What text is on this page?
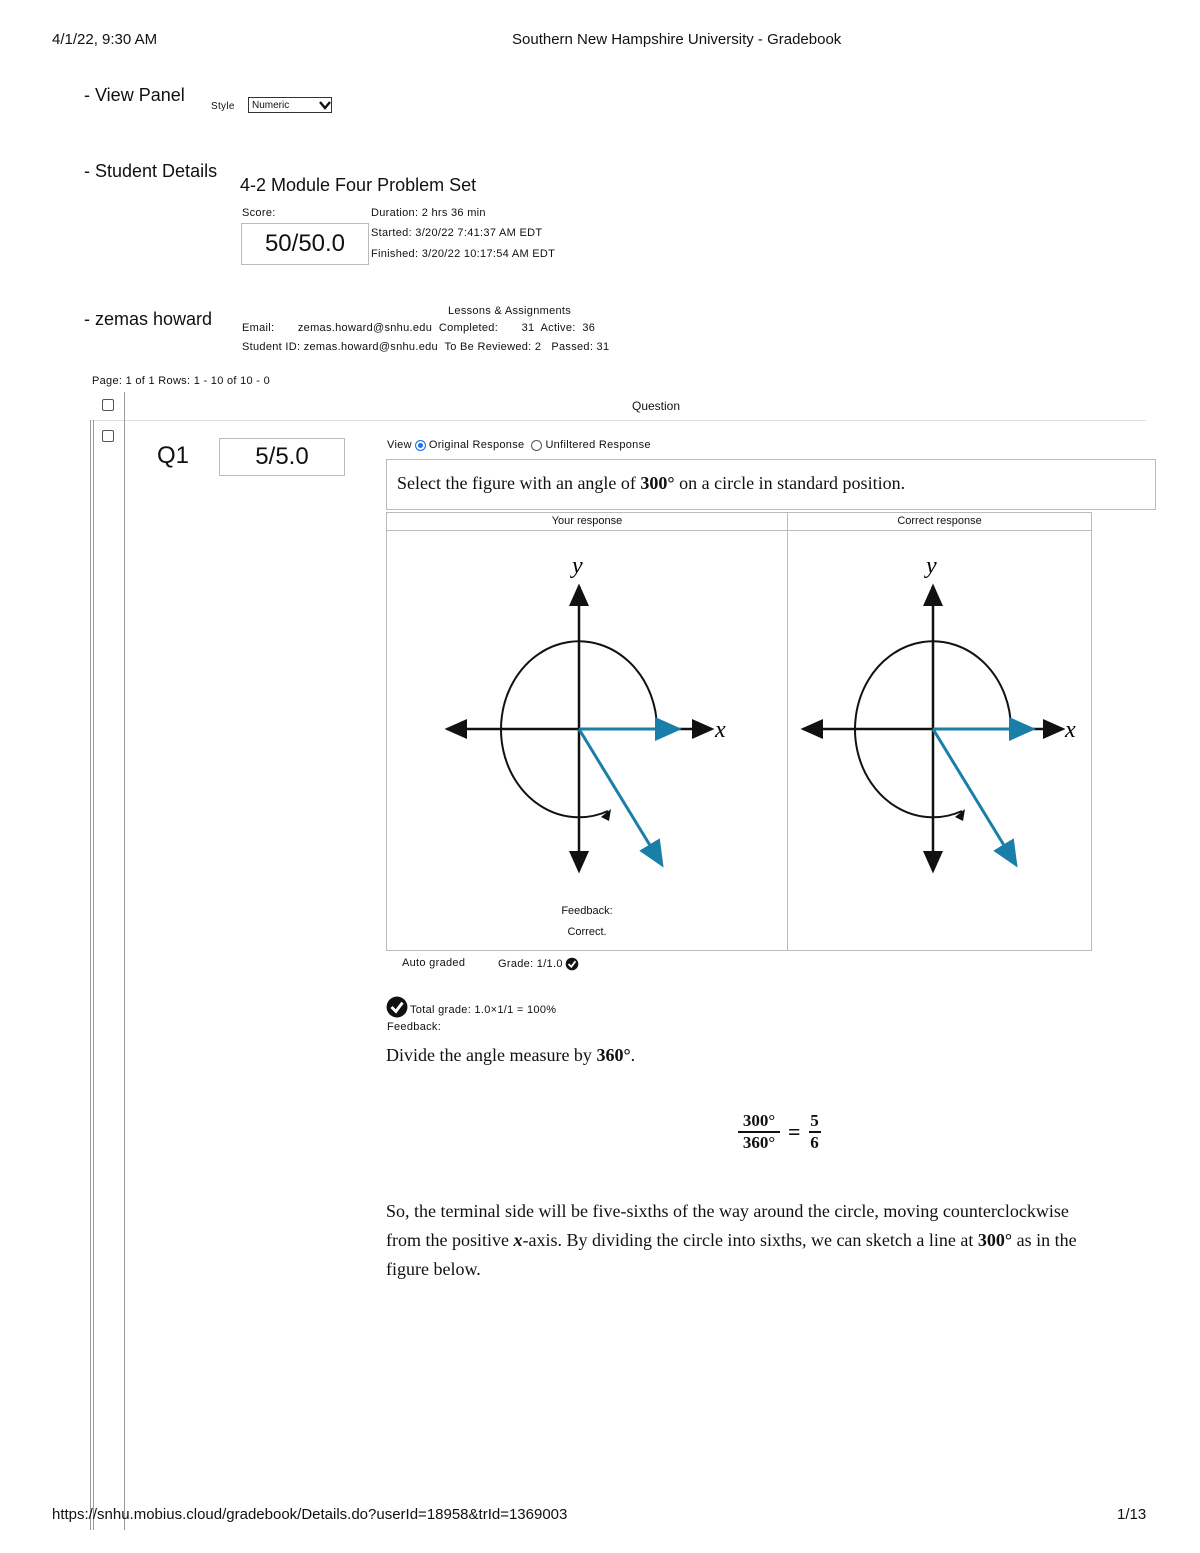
4/1/22, 9:30 AM	Southern New Hampshire University - Gradebook
- View Panel
Style Numeric
- Student Details
4-2 Module Four Problem Set
Score:
50/50.0
Duration: 2 hrs 36 min
Started: 3/20/22 7:41:37 AM EDT
Finished: 3/20/22 10:17:54 AM EDT
- zemas howard	Lessons & Assignments
Email:       zemas.howard@snhu.edu  Completed:       31  Active:  36
Student ID: zemas.howard@snhu.edu  To Be Reviewed: 2   Passed: 31
Page: 1 of 1 Rows: 1 - 10 of 10 - 0
Question
Q1	5/5.0	View Original Response Unfiltered Response
Select the figure with an angle of 300° on a circle in standard position.
Your response
x
y
Feedback:
Correct.
Correct response
x
y
Auto graded	Grade: 1/1.0
Total grade: 1.0×1/1 = 100%
Feedback:
Divide the angle measure by 360°.
300°
360° = 5
6
So, the terminal side will be five-sixths of the way around the circle, moving counterclockwise
from the positive x-axis. By dividing the circle into sixths, we can sketch a line at 300° as in the
figure below.
https://snhu.mobius.cloud/gradebook/Details.do?userId=18958&trId=1369003	1/13
